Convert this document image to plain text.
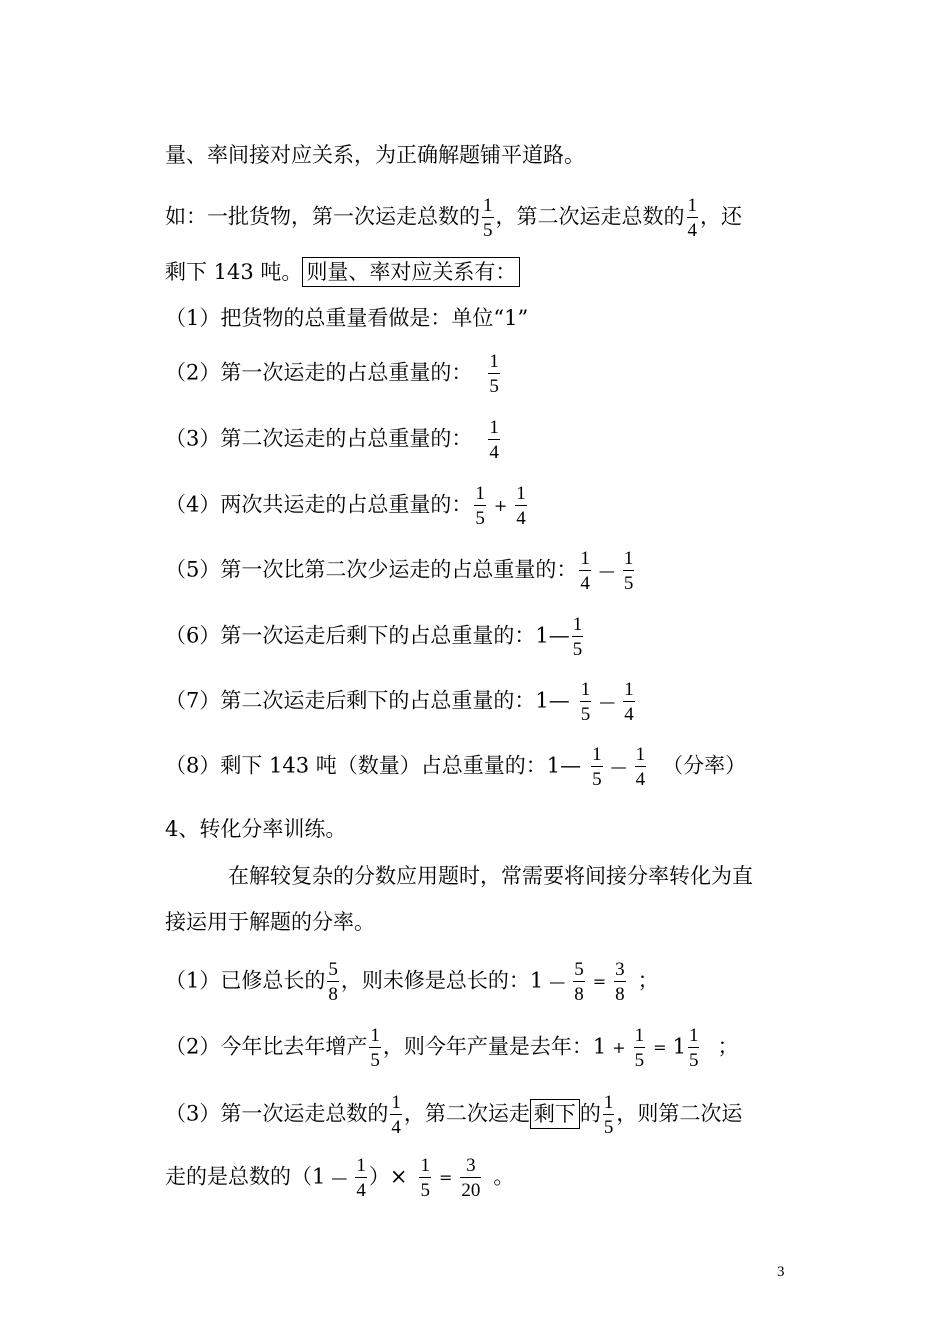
量、率间接对应关系，为正确解题铺平道路。
如：一批货物，第一次运走总数的 $\frac{1}{5}$ ，第二次运走总数的 $\frac{1}{4}$ ，还
剩下 143 吨。 则量、率对应关系有：
（1）把货物的总重量看做是：单位“1”
（2）第一次运走的占总重量的： $\frac{1}{5}$
（3）第二次运走的占总重量的： $\frac{1}{4}$
（4）两次共运走的占总重量的： $\frac{1}{5} + \frac{1}{4}$
（5）第一次比第二次少运走的占总重量的： $\frac{1}{4}$ — $\frac{1}{5}$
（6）第一次运走后剩下的占总重量的：1— $\frac{1}{5}$
（7）第二次运走后剩下的占总重量的：1— $\frac{1}{5}$ — $\frac{1}{4}$
（8）剩下 143 吨（数量）占总重量的：1— $\frac{1}{5}$ — $\frac{1}{4}$ （分率）
4、转化分率训练。
在解较复杂的分数应用题时，常需要将间接分率转化为直
接运用于解题的分率。
（1）已修总长的 $\frac{5}{8}$ ，则未修是总长的：1 — $\frac{5}{8} = \frac{3}{8}$ ；
（2）今年比去年增产 $\frac{1}{5}$ ，则今年产量是去年：$1 + \frac{1}{5} = 1 \frac{1}{5}$ ；
（3）第一次运走总数的 $\frac{1}{4}$ ，第二次运走 剩下 的 $\frac{1}{5}$ ，则第二次运
走的是总数的（1 — $\frac{1}{4}$ ）× $\frac{1}{5} = \frac{3}{20}$ 。
3
